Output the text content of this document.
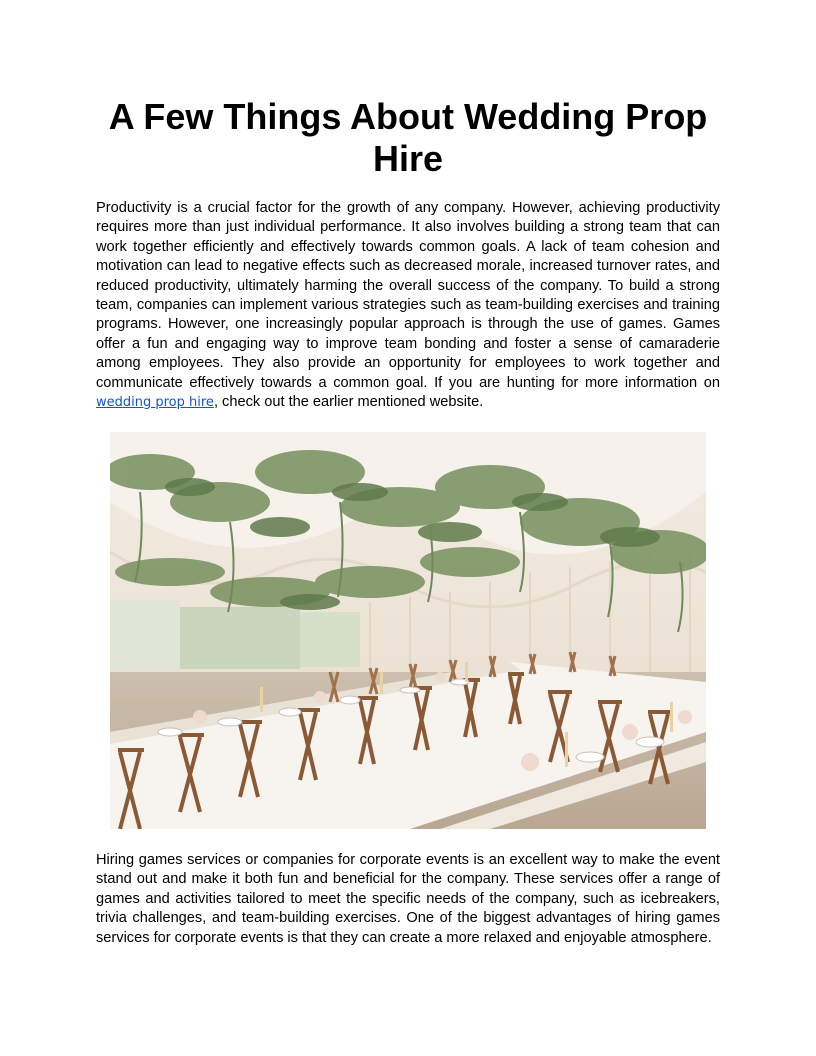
A Few Things About Wedding Prop Hire

Productivity is a crucial factor for the growth of any company. However, achieving productivity requires more than just individual performance. It also involves building a strong team that can work together efficiently and effectively towards common goals. A lack of team cohesion and motivation can lead to negative effects such as decreased morale, increased turnover rates, and reduced productivity, ultimately harming the overall success of the company. To build a strong team, companies can implement various strategies such as team-building exercises and training programs. However, one increasingly popular approach is through the use of games. Games offer a fun and engaging way to improve team bonding and foster a sense of camaraderie among employees. They also provide an opportunity for employees to work together and communicate effectively towards a common goal. If you are hunting for more information on wedding prop hire, check out the earlier mentioned website.

Hiring games services or companies for corporate events is an excellent way to make the event stand out and make it both fun and beneficial for the company. These services offer a range of games and activities tailored to meet the specific needs of the company, such as icebreakers, trivia challenges, and team-building exercises. One of the biggest advantages of hiring games services for corporate events is that they can create a more relaxed and enjoyable atmosphere.
